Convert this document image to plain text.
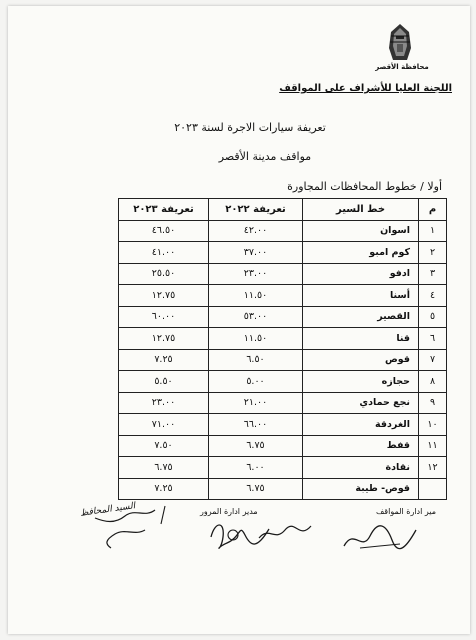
محافظة الأقصر
اللجنة العليا للأشراف على المواقف
تعريفة سيارات الاجرة لسنة ٢٠٢٣
مواقف مدينة الأقصر
أولا / خطوط المحافظات المجاورة
م	خط السير	تعريفة ٢٠٢٢	تعريفة ٢٠٢٣
١	اسوان	٤٢.٠٠	٤٦.٥٠
٢	كوم امبو	٣٧.٠٠	٤١.٠٠
٣	ادفو	٢٣.٠٠	٢٥.٥٠
٤	أسنا	١١.٥٠	١٢.٧٥
٥	القصير	٥٣.٠٠	٦٠.٠٠
٦	قنا	١١.٥٠	١٢.٧٥
٧	قوص	٦.٥٠	٧.٢٥
٨	حجازه	٥.٠٠	٥.٥٠
٩	نجع حمادي	٢١.٠٠	٢٣.٠٠
١٠	الغردقة	٦٦.٠٠	٧١.٠٠
١١	قفط	٦.٧٥	٧.٥٠
١٢	نقادة	٦.٠٠	٦.٧٥
	قوص- طيبة	٦.٧٥	٧.٢٥
مير ادارة المواقف
مدير ادارة المرور
السيد المحافظ
